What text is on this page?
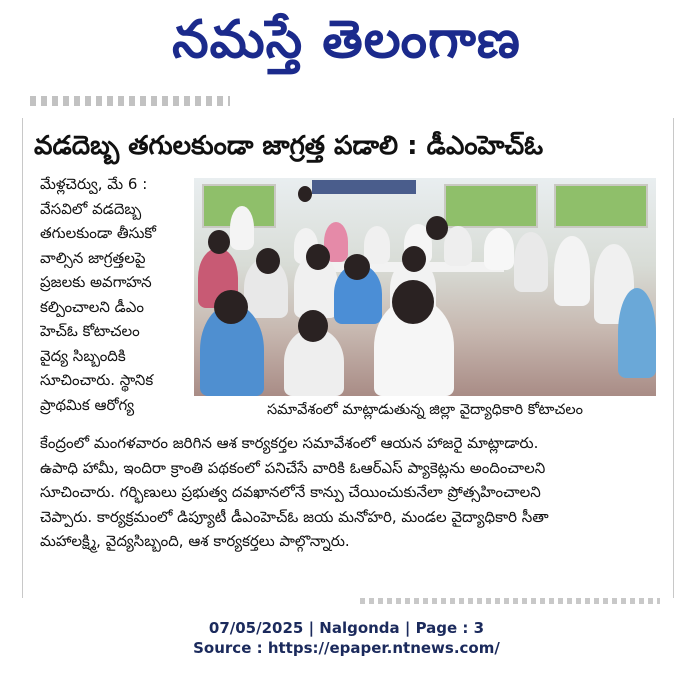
నమస్తే తెలంగాణ
వడదెబ్బ తగులకుండా జాగ్రత్త పడాలి : డీఎంహెచ్ఓ
మేళ్లచెర్వు, మే 6 :
వేసవిలో వడదెబ్బ
తగులకుండా తీసుకో
వాల్సిన జాగ్రత్తలపై
ప్రజలకు అవగాహన
కల్పించాలని డీఎం
హెచ్ఓ కోటాచలం
వైద్య సిబ్బందికి
సూచించారు. స్థానిక
ప్రాథమిక ఆరోగ్య	సమావేశంలో మాట్లాడుతున్న జిల్లా వైద్యాధికారి కోటాచలం
కేంద్రంలో మంగళవారం జరిగిన ఆశ కార్యకర్తల సమావేశంలో ఆయన హాజరై మాట్లాడారు.
ఉపాధి హామీ, ఇందిరా క్రాంతి పథకంలో పనిచేసే వారికి ఓఆర్ఎస్ ప్యాకెట్లను అందించాలని
సూచించారు. గర్భిణులు ప్రభుత్వ దవఖానలోనే కాన్పు చేయించుకునేలా ప్రోత్సహించాలని
చెప్పారు. కార్యక్రమంలో డిప్యూటీ డీఎంహెచ్ఓ జయ మనోహరి, మండల వైద్యాధికారి సీతా
మహాలక్ష్మి, వైద్యసిబ్బంది, ఆశ కార్యకర్తలు పాల్గొన్నారు.
07/05/2025 | Nalgonda | Page : 3
Source : https://epaper.ntnews.com/
